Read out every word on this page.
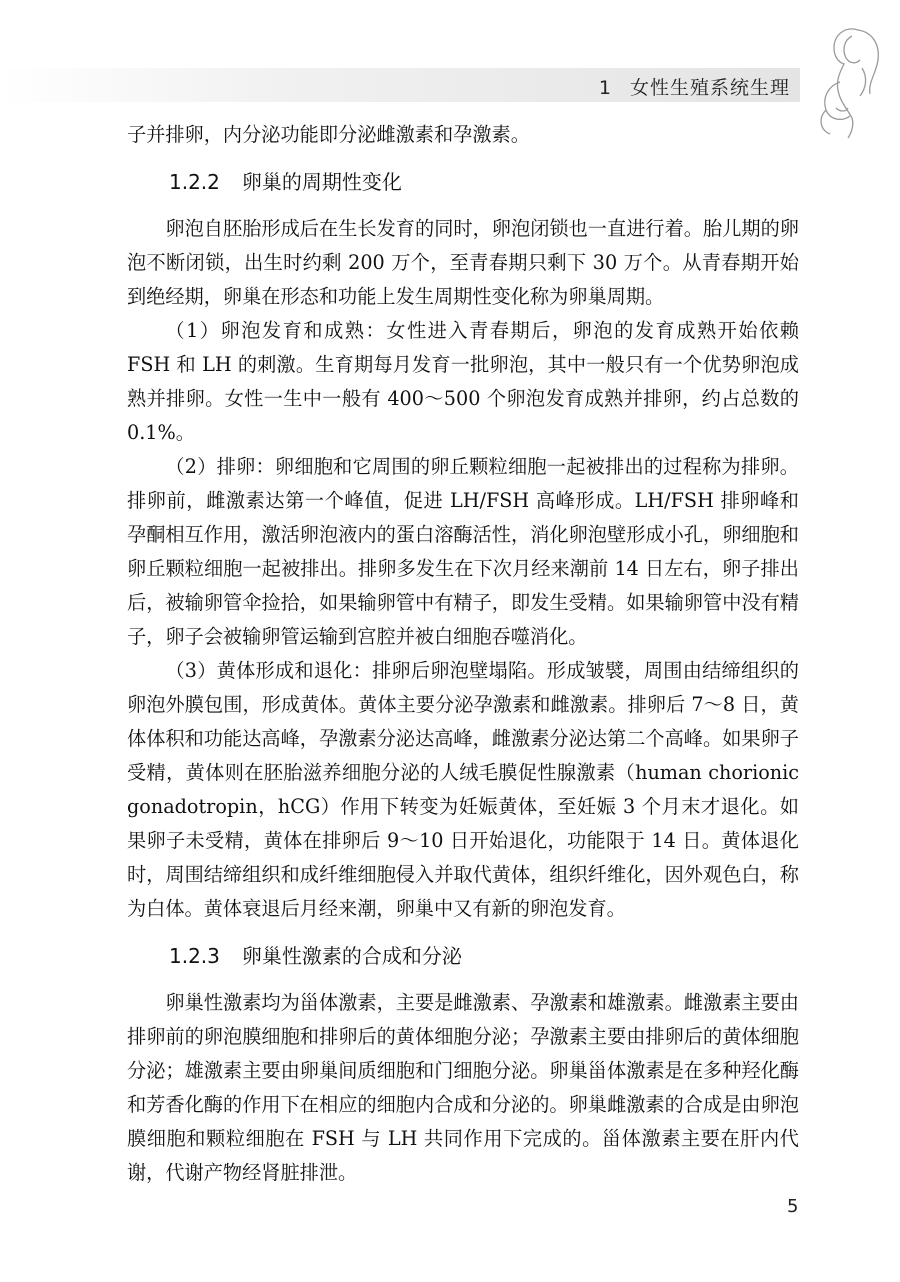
1 女性生殖系统生理

子并排卵，内分泌功能即分泌雌激素和孕激素。

1.2.2 卵巢的周期性变化

卵泡自胚胎形成后在生长发育的同时，卵泡闭锁也一直进行着。胎儿期的卵泡不断闭锁，出生时约剩 200 万个，至青春期只剩下 30 万个。从青春期开始到绝经期，卵巢在形态和功能上发生周期性变化称为卵巢周期。

（1）卵泡发育和成熟：女性进入青春期后，卵泡的发育成熟开始依赖 FSH 和 LH 的刺激。生育期每月发育一批卵泡，其中一般只有一个优势卵泡成熟并排卵。女性一生中一般有 400～500 个卵泡发育成熟并排卵，约占总数的 0.1%。

（2）排卵：卵细胞和它周围的卵丘颗粒细胞一起被排出的过程称为排卵。排卵前，雌激素达第一个峰值，促进 LH/FSH 高峰形成。LH/FSH 排卵峰和孕酮相互作用，激活卵泡液内的蛋白溶酶活性，消化卵泡壁形成小孔，卵细胞和卵丘颗粒细胞一起被排出。排卵多发生在下次月经来潮前 14 日左右，卵子排出后，被输卵管伞捡拾，如果输卵管中有精子，即发生受精。如果输卵管中没有精子，卵子会被输卵管运输到宫腔并被白细胞吞噬消化。

（3）黄体形成和退化：排卵后卵泡壁塌陷。形成皱襞，周围由结缔组织的卵泡外膜包围，形成黄体。黄体主要分泌孕激素和雌激素。排卵后 7～8 日，黄体体积和功能达高峰，孕激素分泌达高峰，雌激素分泌达第二个高峰。如果卵子受精，黄体则在胚胎滋养细胞分泌的人绒毛膜促性腺激素（human chorionic gonadotropin，hCG）作用下转变为妊娠黄体，至妊娠 3 个月末才退化。如果卵子未受精，黄体在排卵后 9～10 日开始退化，功能限于 14 日。黄体退化时，周围结缔组织和成纤维细胞侵入并取代黄体，组织纤维化，因外观色白，称为白体。黄体衰退后月经来潮，卵巢中又有新的卵泡发育。

1.2.3 卵巢性激素的合成和分泌

卵巢性激素均为甾体激素，主要是雌激素、孕激素和雄激素。雌激素主要由排卵前的卵泡膜细胞和排卵后的黄体细胞分泌；孕激素主要由排卵后的黄体细胞分泌；雄激素主要由卵巢间质细胞和门细胞分泌。卵巢甾体激素是在多种羟化酶和芳香化酶的作用下在相应的细胞内合成和分泌的。卵巢雌激素的合成是由卵泡膜细胞和颗粒细胞在 FSH 与 LH 共同作用下完成的。甾体激素主要在肝内代谢，代谢产物经肾脏排泄。

5
